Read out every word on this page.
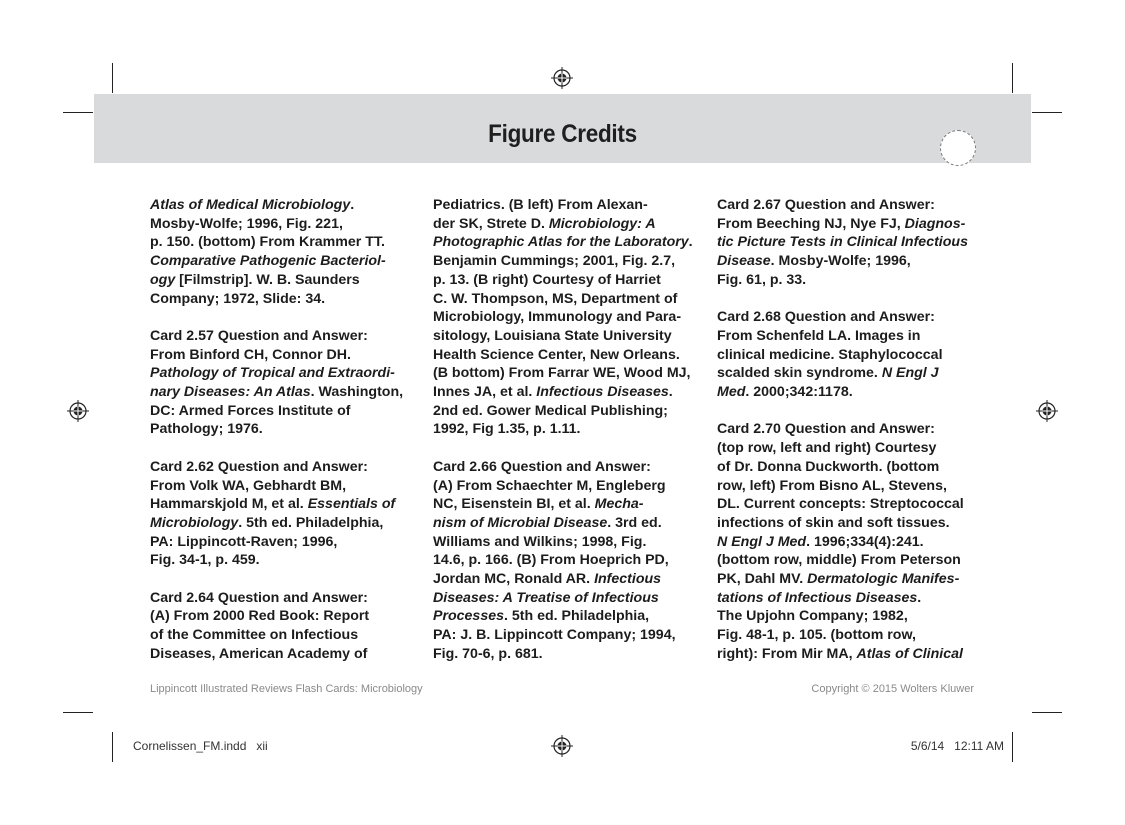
Figure Credits

Atlas of Medical Microbiology.
Mosby-Wolfe; 1996, Fig. 221,
p. 150. (bottom) From Krammer TT.
Comparative Pathogenic Bacteriol-
ogy [Filmstrip]. W. B. Saunders
Company; 1972, Slide: 34.

Card 2.57 Question and Answer:
From Binford CH, Connor DH.
Pathology of Tropical and Extraordi-
nary Diseases: An Atlas. Washington,
DC: Armed Forces Institute of
Pathology; 1976.

Card 2.62 Question and Answer:
From Volk WA, Gebhardt BM,
Hammarskjold M, et al. Essentials of
Microbiology. 5th ed. Philadelphia,
PA: Lippincott-Raven; 1996,
Fig. 34-1, p. 459.

Card 2.64 Question and Answer:
(A) From 2000 Red Book: Report
of the Committee on Infectious
Diseases, American Academy of

Pediatrics. (B left) From Alexan-
der SK, Strete D. Microbiology: A
Photographic Atlas for the Laboratory.
Benjamin Cummings; 2001, Fig. 2.7,
p. 13. (B right) Courtesy of Harriet
C. W. Thompson, MS, Department of
Microbiology, Immunology and Para-
sitology, Louisiana State University
Health Science Center, New Orleans.
(B bottom) From Farrar WE, Wood MJ,
Innes JA, et al. Infectious Diseases.
2nd ed. Gower Medical Publishing;
1992, Fig 1.35, p. 1.11.

Card 2.66 Question and Answer:
(A) From Schaechter M, Engleberg
NC, Eisenstein BI, et al. Mecha-
nism of Microbial Disease. 3rd ed.
Williams and Wilkins; 1998, Fig.
14.6, p. 166. (B) From Hoeprich PD,
Jordan MC, Ronald AR. Infectious
Diseases: A Treatise of Infectious
Processes. 5th ed. Philadelphia,
PA: J. B. Lippincott Company; 1994,
Fig. 70-6, p. 681.

Card 2.67 Question and Answer:
From Beeching NJ, Nye FJ, Diagnos-
tic Picture Tests in Clinical Infectious
Disease. Mosby-Wolfe; 1996,
Fig. 61, p. 33.

Card 2.68 Question and Answer:
From Schenfeld LA. Images in
clinical medicine. Staphylococcal
scalded skin syndrome. N Engl J
Med. 2000;342:1178.

Card 2.70 Question and Answer:
(top row, left and right) Courtesy
of Dr. Donna Duckworth. (bottom
row, left) From Bisno AL, Stevens,
DL. Current concepts: Streptococcal
infections of skin and soft tissues.
N Engl J Med. 1996;334(4):241.
(bottom row, middle) From Peterson
PK, Dahl MV. Dermatologic Manifes-
tations of Infectious Diseases.
The Upjohn Company; 1982,
Fig. 48-1, p. 105. (bottom row,
right): From Mir MA, Atlas of Clinical

Lippincott Illustrated Reviews Flash Cards: Microbiology	Copyright © 2015 Wolters Kluwer
Cornelissen_FM.indd   xii	5/6/14   12:11 AM
